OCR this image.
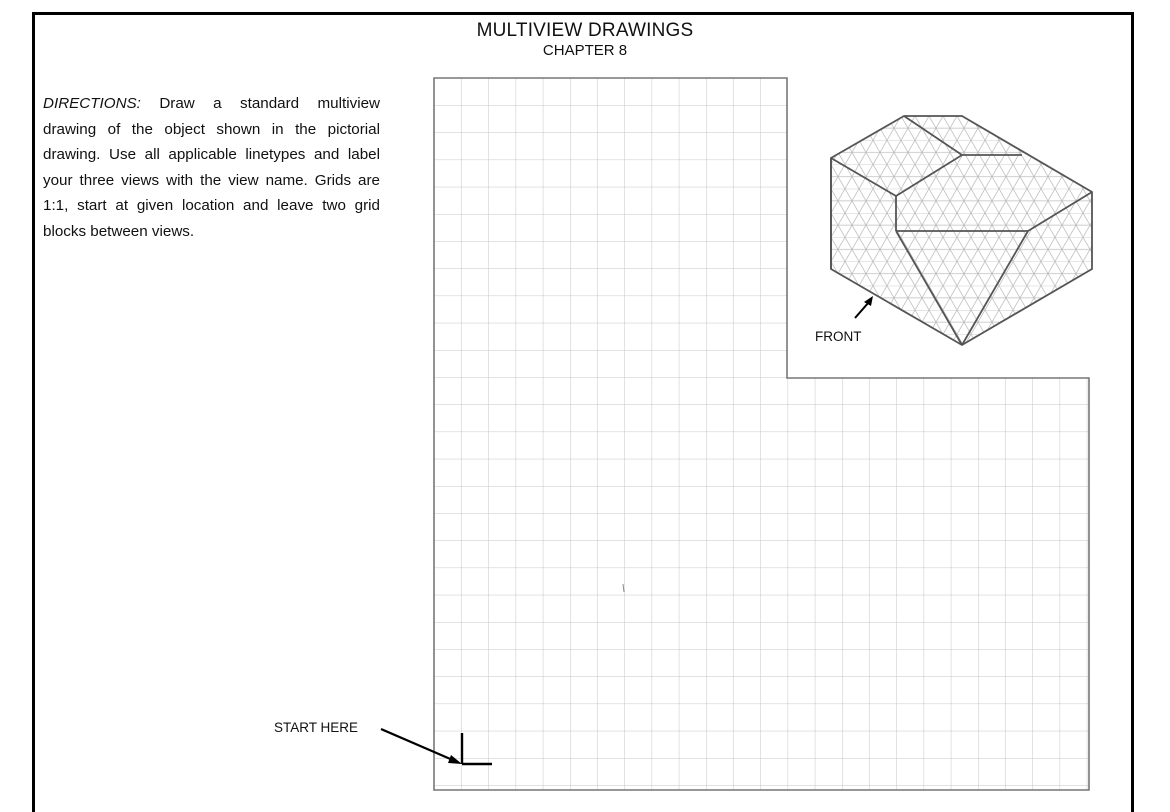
MULTIVIEW DRAWINGS
CHAPTER 8
DIRECTIONS: Draw a standard multiview drawing of the object shown in the pictorial drawing. Use all applicable linetypes and label your three views with the view name. Grids are 1:1, start at given location and leave two grid blocks between views.
START HERE
FRONT
